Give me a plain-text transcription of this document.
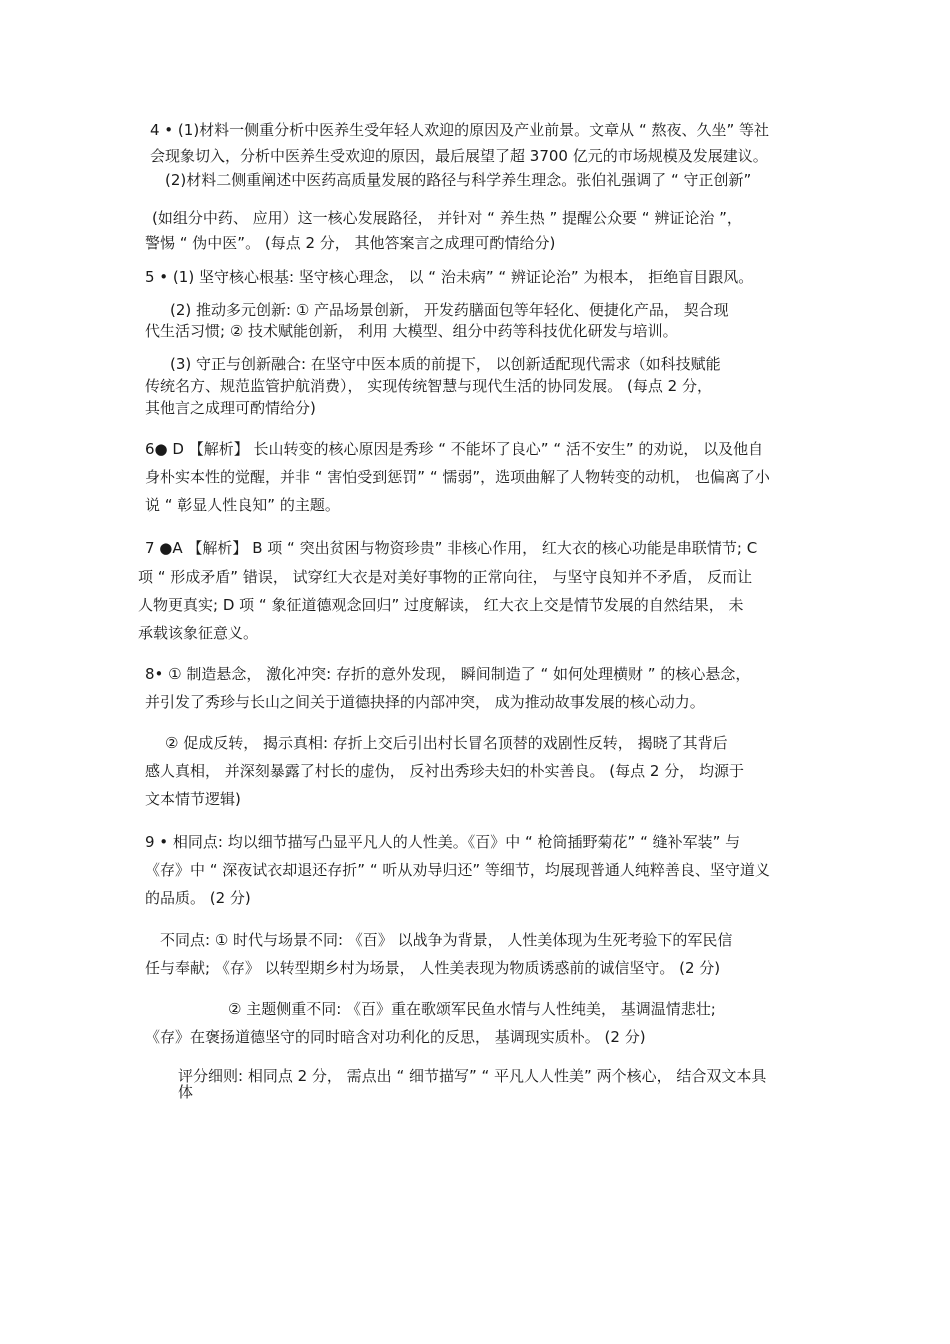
4 • (1)材料一侧重分析中医养生受年轻人欢迎的原因及产业前景。文章从 “ 熬夜、久坐” 等社
会现象切入，分析中医养生受欢迎的原因，最后展望了超 3700 亿元的市场规模及发展建议。
(2)材料二侧重阐述中医药高质量发展的路径与科学养生理念。张伯礼强调了 “ 守正创新”
(如组分中药、 应用）这一核心发展路径， 并针对 “ 养生热 ” 提醒公众要 “ 辨证论治 ”，
警惕 “ 伪中医”。 (每点 2 分， 其他答案言之成理可酌情给分)
5 • (1) 坚守核心根基: 坚守核心理念， 以 “ 治未病” “ 辨证论治” 为根本， 拒绝盲目跟风。
(2) 推动多元创新: ① 产品场景创新， 开发药膳面包等年轻化、便捷化产品， 契合现
代生活习惯; ② 技术赋能创新， 利用 大模型、组分中药等科技优化研发与培训。
(3) 守正与创新融合: 在坚守中医本质的前提下， 以创新适配现代需求（如科技赋能
传统名方、规范监管护航消费）， 实现传统智慧与现代生活的协同发展。 (每点 2 分，
其他言之成理可酌情给分)
6● D 【解析】 长山转变的核心原因是秀珍 “ 不能坏了良心” “ 活不安生” 的劝说， 以及他自
身朴实本性的觉醒，并非 “ 害怕受到惩罚” “ 懦弱”，选项曲解了人物转变的动机， 也偏离了小
说 “ 彰显人性良知” 的主题。
7 ●A 【解析】 B 项 “ 突出贫困与物资珍贵” 非核心作用， 红大衣的核心功能是串联情节; C
项 “ 形成矛盾” 错误， 试穿红大衣是对美好事物的正常向往， 与坚守良知并不矛盾， 反而让
人物更真实; D 项 “ 象征道德观念回归” 过度解读， 红大衣上交是情节发展的自然结果， 未
承载该象征意义。
8• ① 制造悬念， 激化冲突: 存折的意外发现， 瞬间制造了 “ 如何处理横财 ” 的核心悬念，
并引发了秀珍与长山之间关于道德抉择的内部冲突， 成为推动故事发展的核心动力。
② 促成反转， 揭示真相: 存折上交后引出村长冒名顶替的戏剧性反转， 揭晓了其背后
感人真相， 并深刻暴露了村长的虚伪， 反衬出秀珍夫妇的朴实善良。 (每点 2 分， 均源于
文本情节逻辑)
9 • 相同点: 均以细节描写凸显平凡人的人性美。《百》中 “ 枪筒插野菊花” “ 缝补军装” 与
《存》中 “ 深夜试衣却退还存折” “ 听从劝导归还” 等细节，均展现普通人纯粹善良、坚守道义
的品质。 (2 分)
不同点: ① 时代与场景不同: 《百》 以战争为背景， 人性美体现为生死考验下的军民信
任与奉献; 《存》 以转型期乡村为场景， 人性美表现为物质诱惑前的诚信坚守。 (2 分)
② 主题侧重不同: 《百》重在歌颂军民鱼水情与人性纯美， 基调温情悲壮;
《存》在褒扬道德坚守的同时暗含对功利化的反思， 基调现实质朴。 (2 分)
评分细则: 相同点 2 分， 需点出 “ 细节描写” “ 平凡人人性美” 两个核心， 结合双文本具
体
